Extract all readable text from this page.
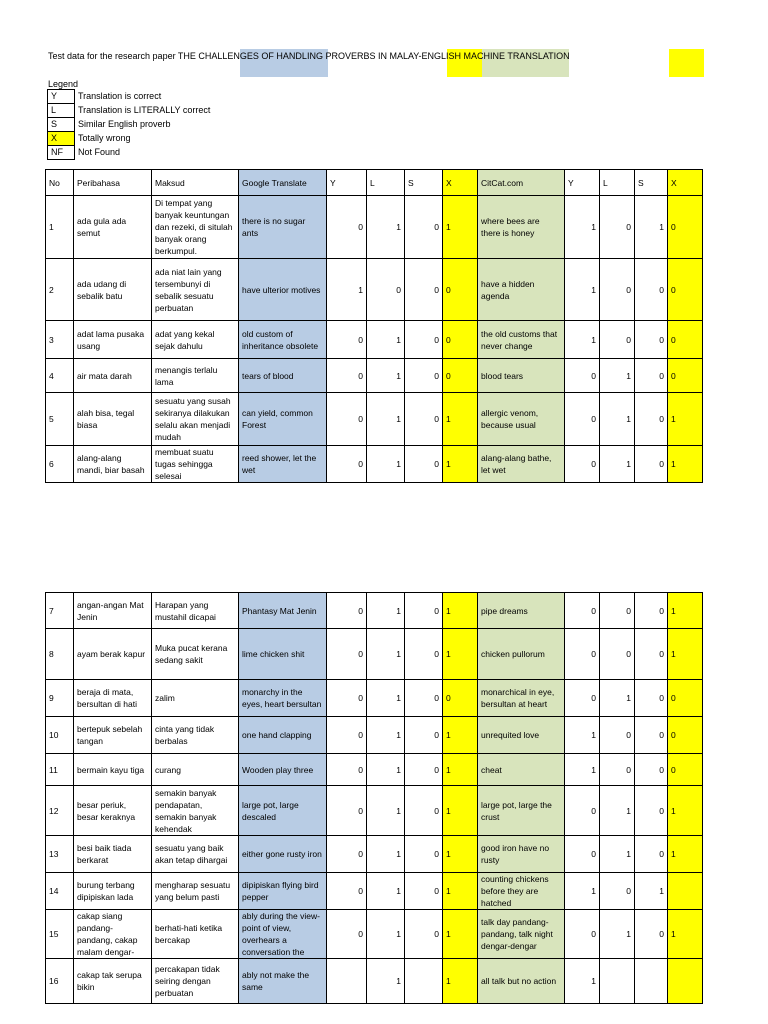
Test data for the research paper THE CHALLENGES OF HANDLING PROVERBS IN MALAY-ENGLISH MACHINE TRANSLATION
Legend
Y	Translation is correct
L	Translation is LITERALLY correct
S	Similar English proverb
X	Totally wrong
NF	Not Found
No	Peribahasa	Maksud	Google Translate	Y	L	S	X	CitCat.com	Y	L	S	X
1	ada gula ada semut	Di tempat yang banyak keuntungan dan rezeki, di situlah banyak orang berkumpul.	there is no sugar ants	0	1	0	1	where bees are there is honey	1	0	1	0
2	ada udang di sebalik batu	ada niat lain yang tersembunyi di sebalik sesuatu perbuatan	have ulterior motives	1	0	0	0	have a hidden agenda	1	0	0	0
3	adat lama pusaka usang	adat yang kekal sejak dahulu	old custom of inheritance obsolete	0	1	0	0	the old customs that never change	1	0	0	0
4	air mata darah	menangis terlalu lama	tears of blood	0	1	0	0	blood tears	0	1	0	0
5	alah bisa, tegal biasa	sesuatu yang susah sekiranya dilakukan selalu akan menjadi mudah	can yield, common Forest	0	1	0	1	allergic venom, because usual	0	1	0	1
6	alang-alang mandi, biar basah	membuat suatu tugas sehingga selesai	reed shower, let the wet	0	1	0	1	alang-alang bathe, let wet	0	1	0	1
7	angan-angan Mat Jenin	Harapan yang mustahil dicapai	Phantasy Mat Jenin	0	1	0	1	pipe dreams	0	0	0	1
8	ayam berak kapur	Muka pucat kerana sedang sakit	lime chicken shit	0	1	0	1	chicken pullorum	0	0	0	1
9	beraja di mata, bersultan di hati	zalim	monarchy in the eyes, heart bersultan	0	1	0	0	monarchical in eye, bersultan at heart	0	1	0	0
10	bertepuk sebelah tangan	cinta yang tidak berbalas	one hand clapping	0	1	0	1	unrequited love	1	0	0	0
11	bermain kayu tiga	curang	Wooden play three	0	1	0	1	cheat	1	0	0	0
12	besar periuk, besar keraknya	semakin banyak pendapatan, semakin banyak kehendak	large pot, large descaled	0	1	0	1	large pot, large the crust	0	1	0	1
13	besi baik tiada berkarat	sesuatu yang baik akan tetap dihargai	either gone rusty iron	0	1	0	1	good iron have no rusty	0	1	0	1
14	burung terbang dipipiskan lada	mengharap sesuatu yang belum pasti	dipipiskan flying bird pepper	0	1	0	1	counting chickens before they are hatched	1	0	1	
15	cakap siang pandang-pandang, cakap malam dengar-	berhati-hati ketika bercakap	ably during the view-point of view, overhears a conversation the	0	1	0	1	talk day pandang-pandang, talk night dengar-dengar	0	1	0	1
16	cakap tak serupa bikin	percakapan tidak seiring dengan perbuatan	ably not make the same		1		1	all talk but no action	1			
